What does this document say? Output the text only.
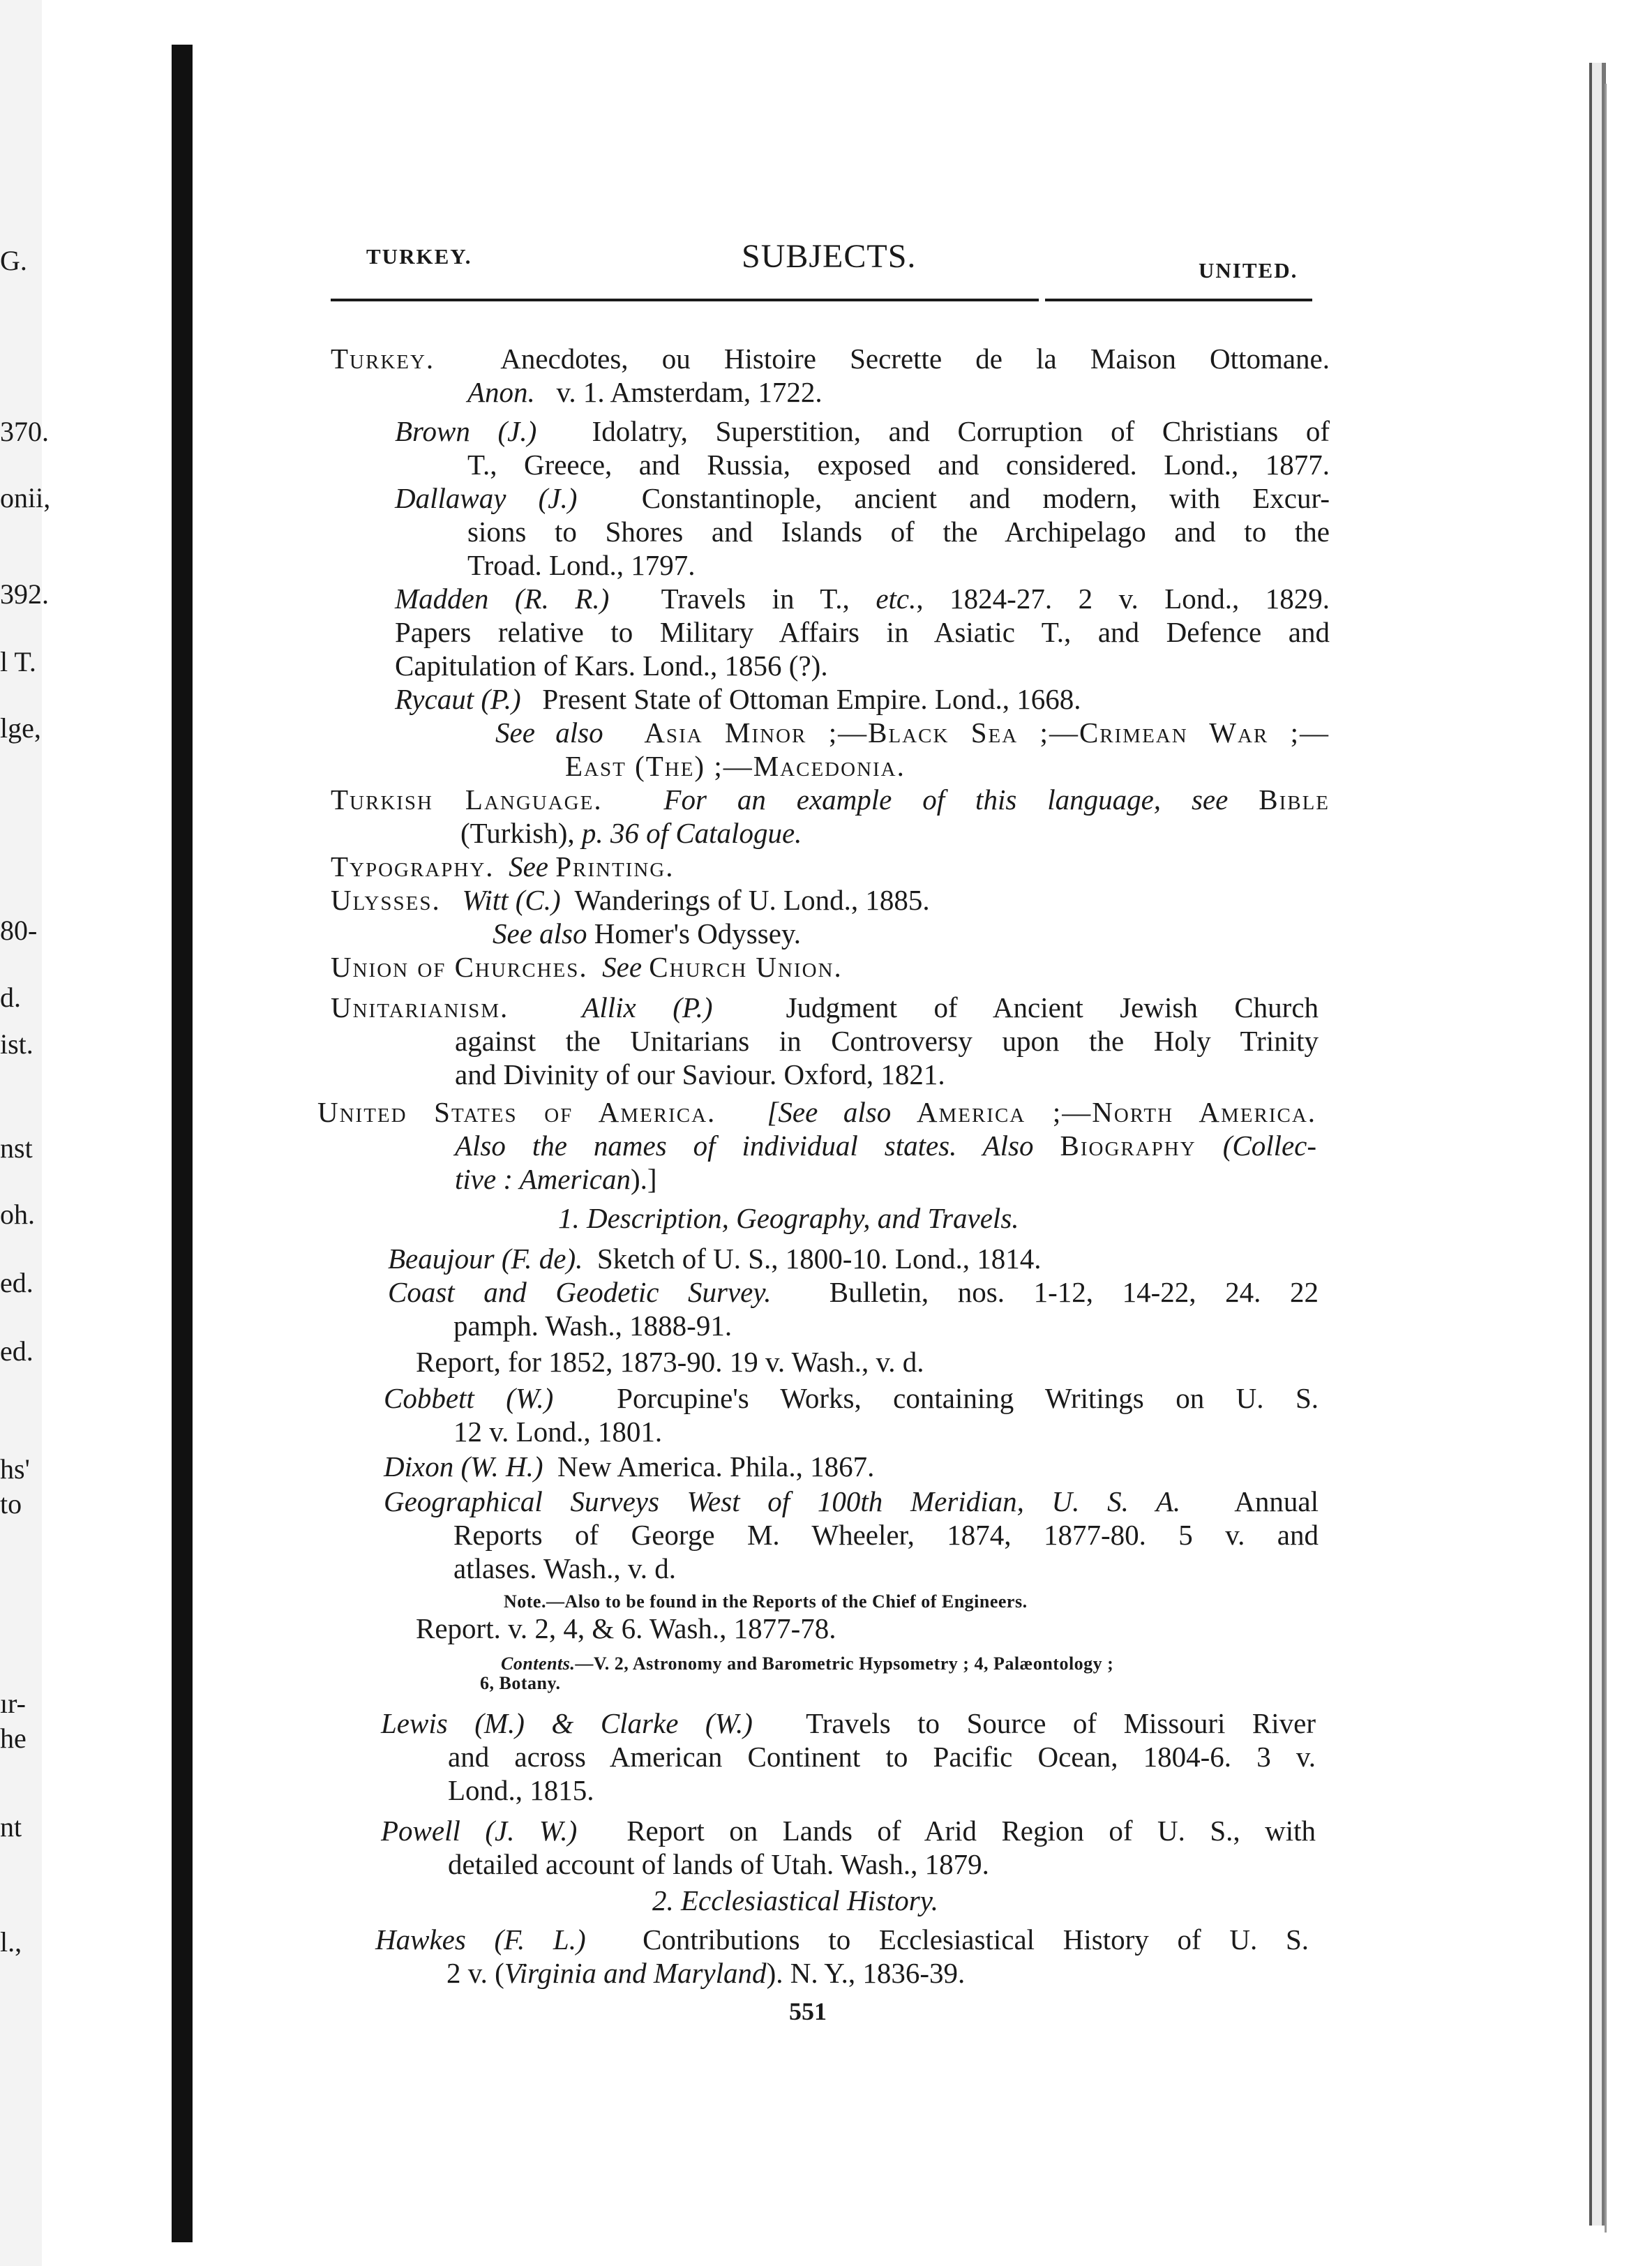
G.
370.
onii,
392.
l T.
lge,
80-
d.
ist.
nst
oh.
ed.
ed.
hs'
to
ır-
he
nt
l.,
TURKEY.	SUBJECTS.	UNITED.
Turkey. Anecdotes, ou Histoire Secrette de la Maison Ottomane.
Anon. v. 1. Amsterdam, 1722.
Brown (J.) Idolatry, Superstition, and Corruption of Christians of
T., Greece, and Russia, exposed and considered. Lond., 1877.
Dallaway (J.) Constantinople, ancient and modern, with Excur-
sions to Shores and Islands of the Archipelago and to the
Troad. Lond., 1797.
Madden (R. R.) Travels in T., etc., 1824-27. 2 v. Lond., 1829.
Papers relative to Military Affairs in Asiatic T., and Defence and
Capitulation of Kars. Lond., 1856 (?).
Rycaut (P.) Present State of Ottoman Empire. Lond., 1668.
See also Asia Minor ;—Black Sea ;—Crimean War ;—
East (The) ;—Macedonia.
Turkish Language. For an example of this language, see Bible
(Turkish), p. 36 of Catalogue.
Typography. See Printing.
Ulysses. Witt (C.) Wanderings of U. Lond., 1885.
See also Homer's Odyssey.
Union of Churches. See Church Union.
Unitarianism.	Allix (P.)	Judgment of Ancient Jewish Church
against the Unitarians in Controversy upon the Holy Trinity
and Divinity of our Saviour. Oxford, 1821.
United States of America. [See also America ;—North America.
Also the names of individual states. Also Biography (Collec-
tive : American).]
1. Description, Geography, and Travels.
Beaujour (F. de). Sketch of U. S., 1800-10. Lond., 1814.
Coast and Geodetic Survey. Bulletin, nos. 1-12, 14-22, 24. 22
pamph. Wash., 1888-91.
Report, for 1852, 1873-90. 19 v. Wash., v. d.
Cobbett (W.) Porcupine's Works, containing Writings on U. S.
12 v. Lond., 1801.
Dixon (W. H.) New America. Phila., 1867.
Geographical Surveys West of 100th Meridian, U. S. A. Annual
Reports of George M. Wheeler, 1874, 1877-80. 5 v. and
atlases. Wash., v. d.
Note.—Also to be found in the Reports of the Chief of Engineers.
Report. v. 2, 4, & 6. Wash., 1877-78.
Contents.—V. 2, Astronomy and Barometric Hypsometry ; 4, Palæontology ;
6, Botany.
Lewis (M.) & Clarke (W.) Travels to Source of Missouri River
and across American Continent to Pacific Ocean, 1804-6. 3 v.
Lond., 1815.
Powell (J. W.) Report on Lands of Arid Region of U. S., with
detailed account of lands of Utah. Wash., 1879.
2. Ecclesiastical History.
Hawkes (F. L.) Contributions to Ecclesiastical History of U. S.
2 v. (Virginia and Maryland). N. Y., 1836-39.
551
